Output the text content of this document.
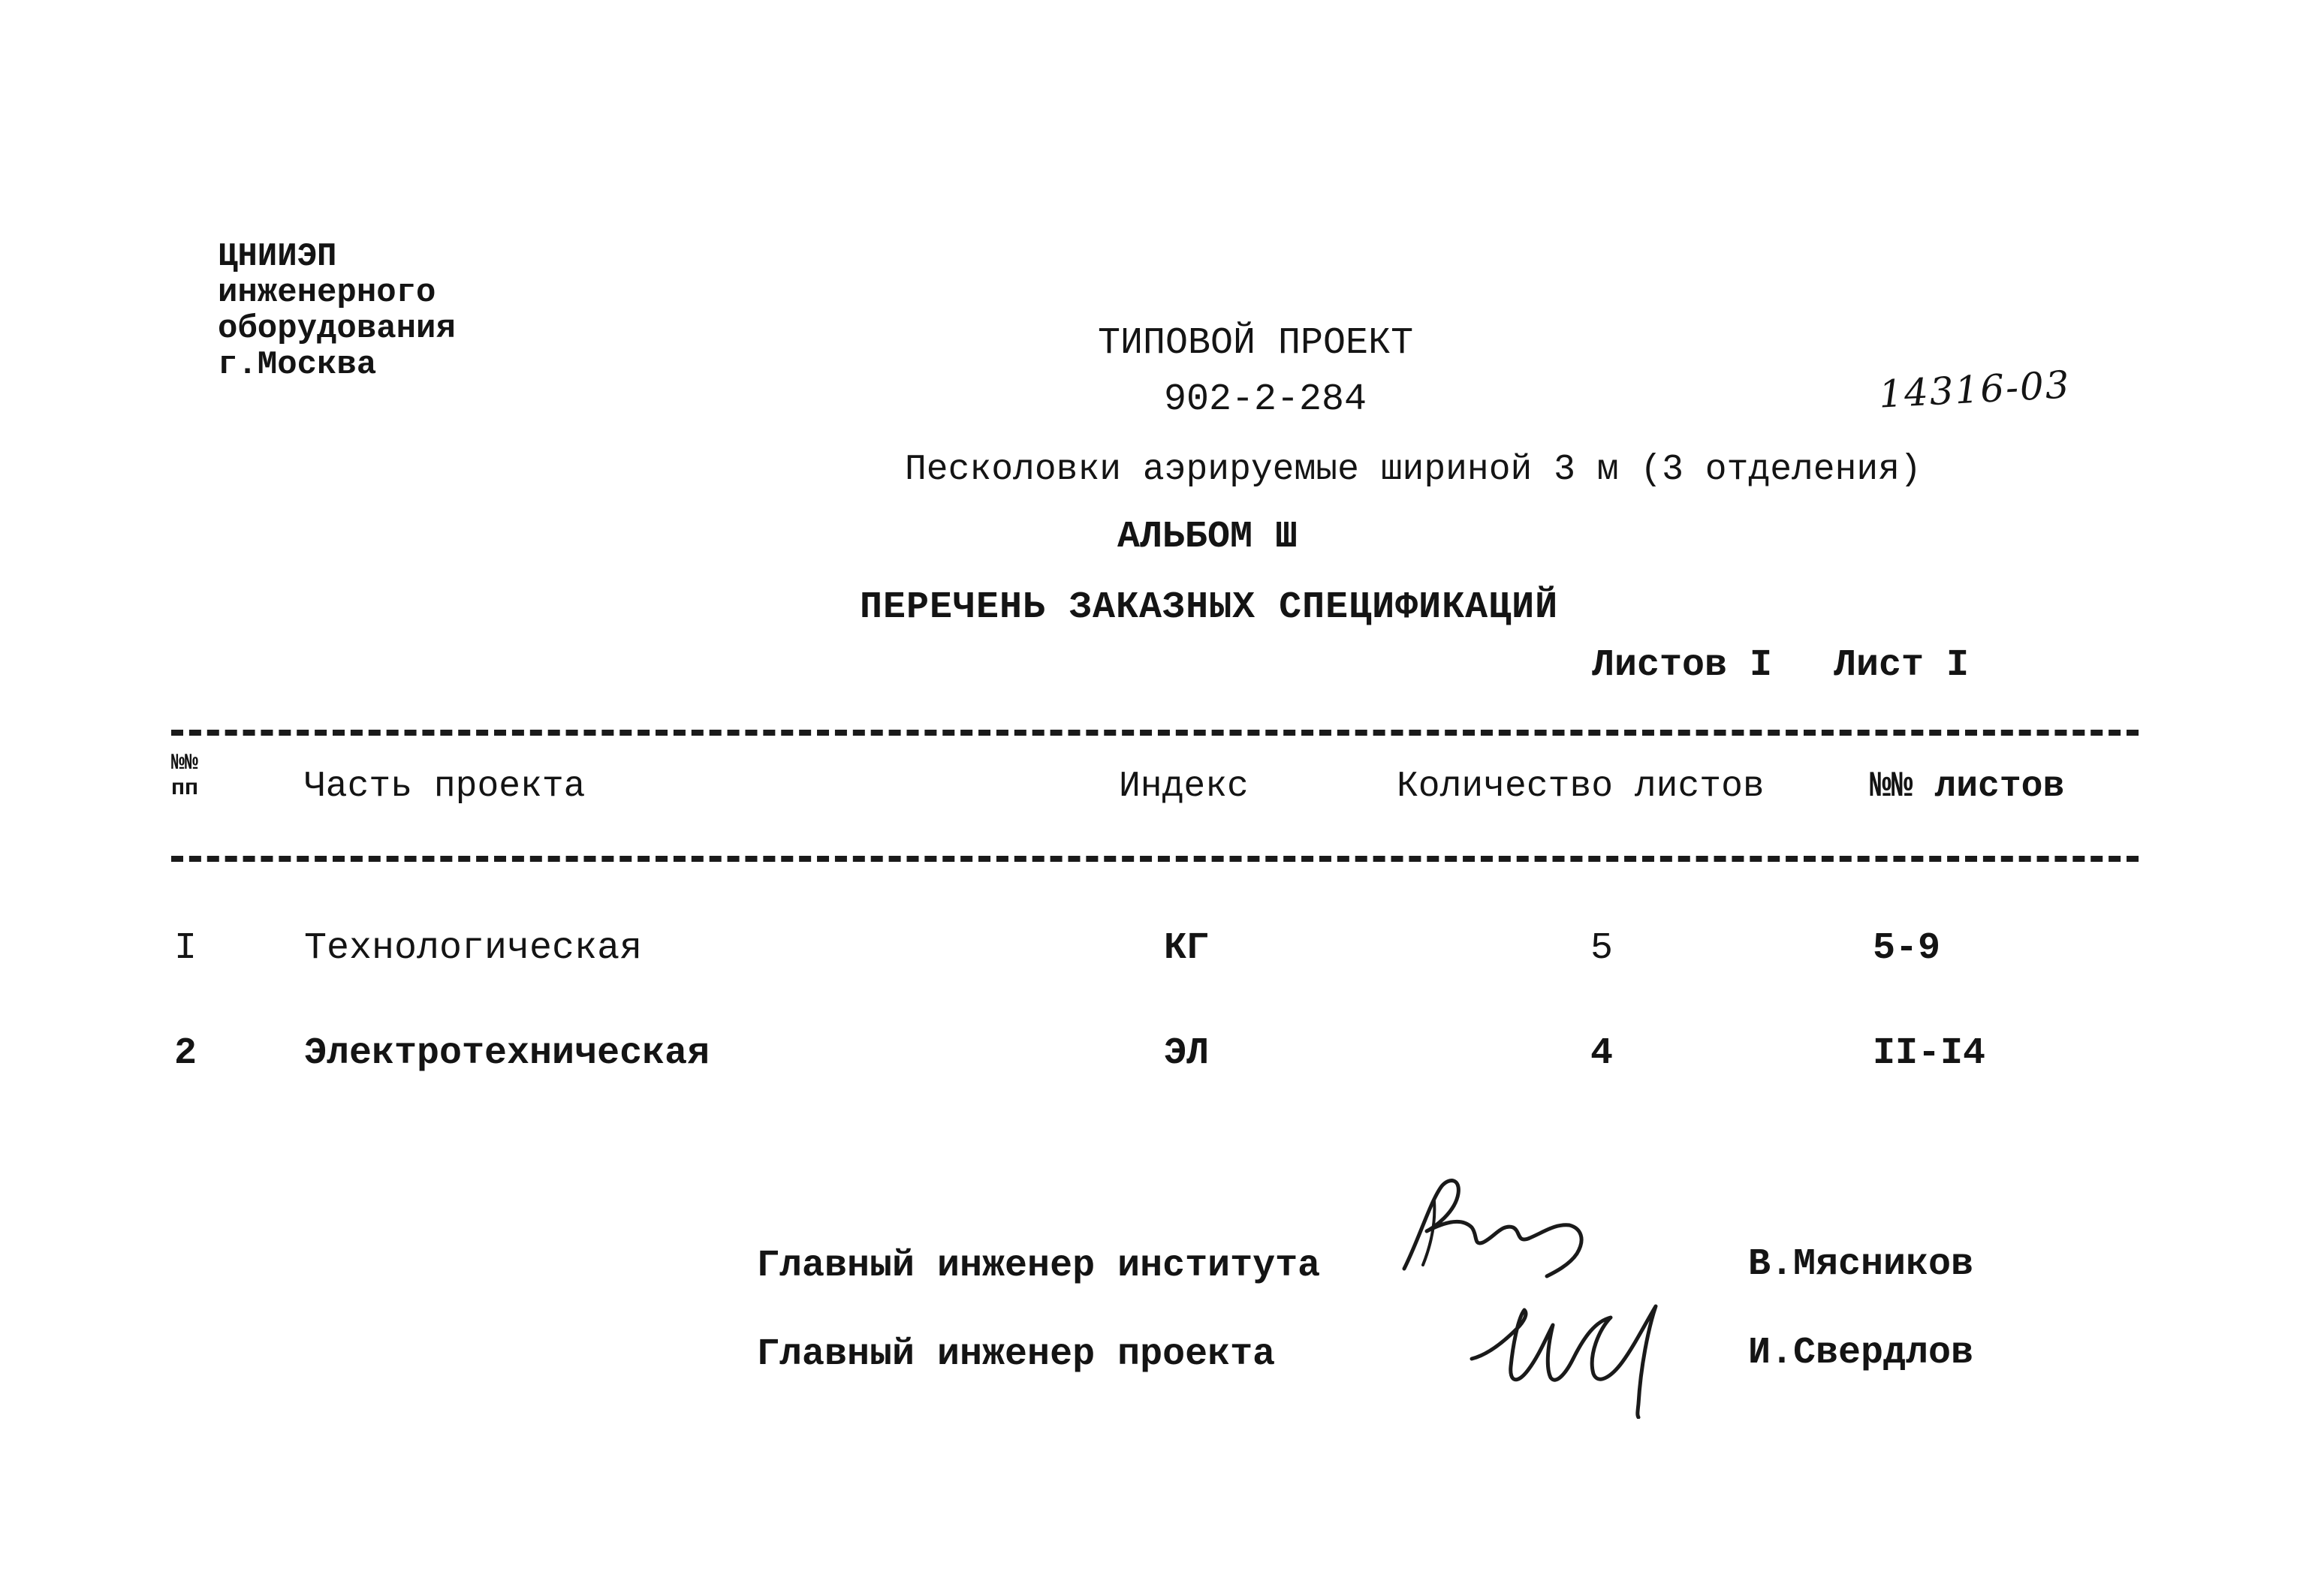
ЦНИИЭП
инженерного
оборудования
г.Москва	ТИПОВОЙ ПРОЕКТ
902-2-284	14316-03
Песколовки аэрируемые шириной 3 м (3 отделения)
АЛЬБОМ Ш
ПЕРЕЧЕНЬ ЗАКАЗНЫХ СПЕЦИФИКАЦИЙ
Листов I Лист I
№№
пп	Часть проекта	Индекс	Количество листов	№№ листов
I	Технологическая	КГ	5	5-9
2	Электротехническая	ЭЛ	4	II-I4
Главный инженер института
Главный инженер проекта
В.Мясников
И.Свердлов
